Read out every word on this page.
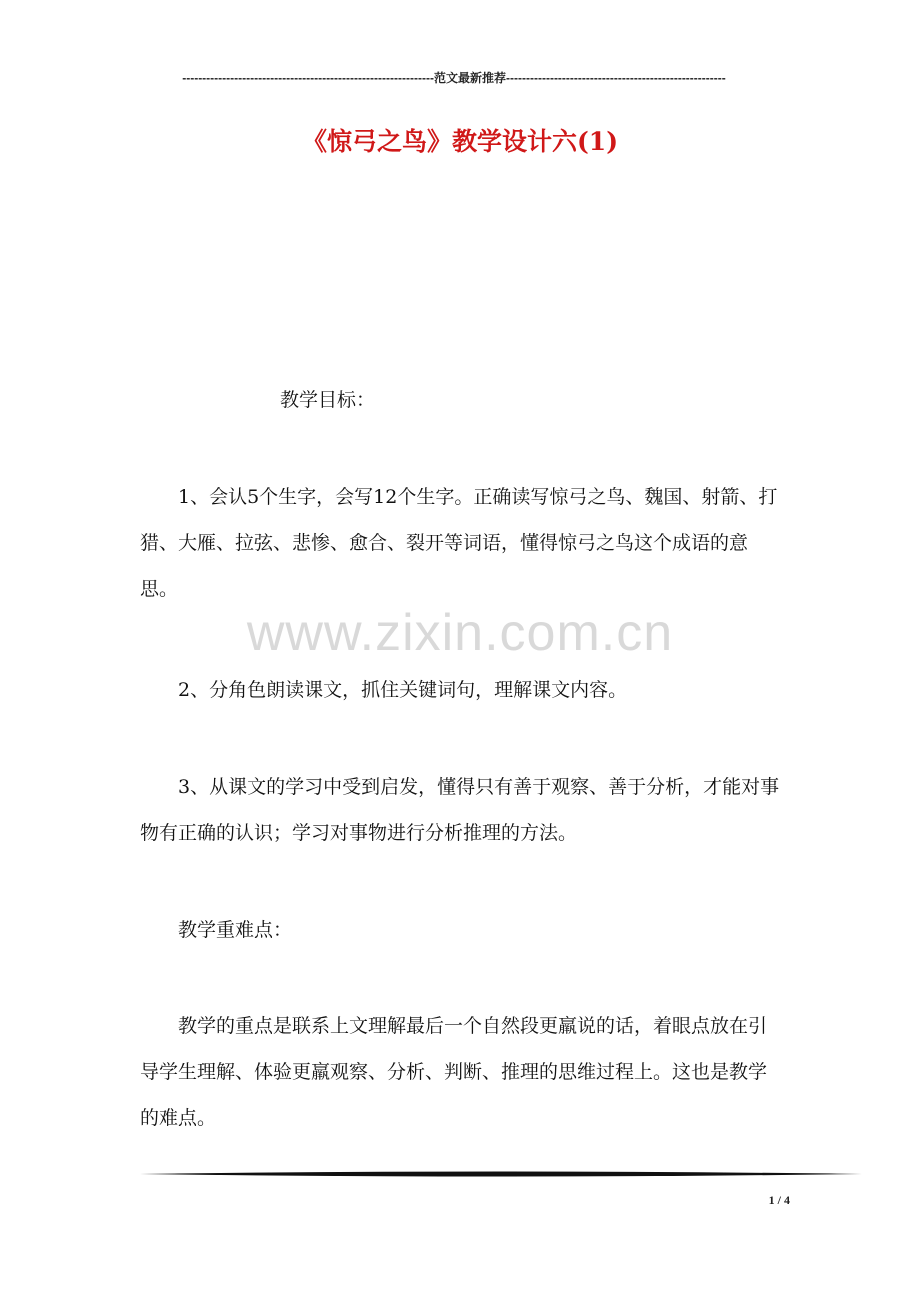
---------------------------------------------------------------范文最新推荐-------------------------------------------------------
《惊弓之鸟》教学设计六(1)
www.zixin.com.cn
教学目标：
1、会认5个生字，会写12个生字。正确读写惊弓之鸟、魏国、射箭、打猎、大雁、拉弦、悲惨、愈合、裂开等词语，懂得惊弓之鸟这个成语的意思。
2、分角色朗读课文，抓住关键词句，理解课文内容。
3、从课文的学习中受到启发，懂得只有善于观察、善于分析，才能对事物有正确的认识；学习对事物进行分析推理的方法。
教学重难点：
教学的重点是联系上文理解最后一个自然段更羸说的话，着眼点放在引导学生理解、体验更羸观察、分析、判断、推理的思维过程上。这也是教学的难点。
1 / 4
